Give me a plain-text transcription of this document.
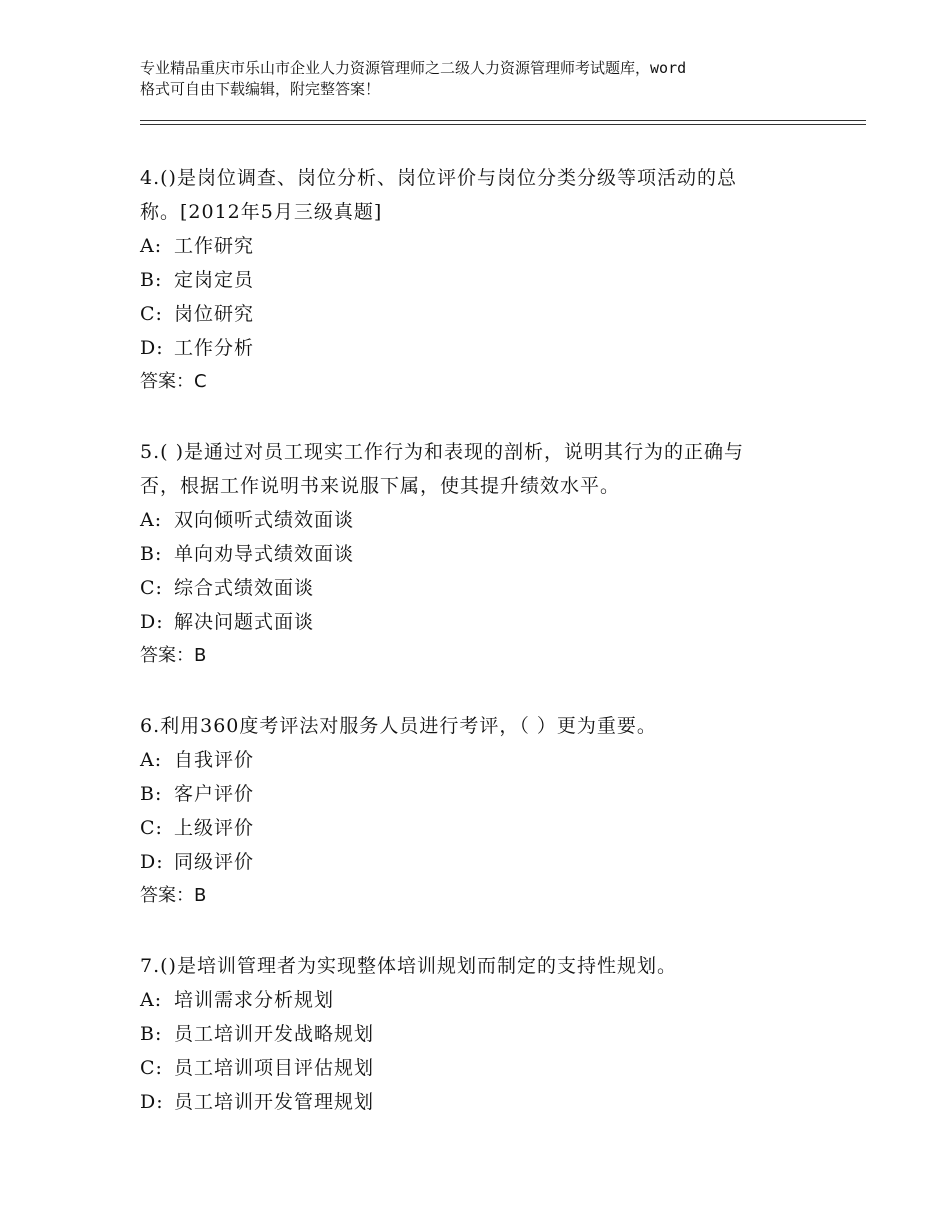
专业精品重庆市乐山市企业人力资源管理师之二级人力资源管理师考试题库，word
格式可自由下载编辑，附完整答案！

4.()是岗位调查、岗位分析、岗位评价与岗位分类分级等项活动的总

称。[2012年5月三级真题]

A: 工作研究

B: 定岗定员

C: 岗位研究

D: 工作分析

答案：C

5.( )是通过对员工现实工作行为和表现的剖析，说明其行为的正确与

否，根据工作说明书来说服下属，使其提升绩效水平。

A: 双向倾听式绩效面谈

B: 单向劝导式绩效面谈

C: 综合式绩效面谈

D: 解决问题式面谈

答案：B

6.利用360度考评法对服务人员进行考评，（ ）更为重要。

A: 自我评价

B: 客户评价

C: 上级评价

D: 同级评价

答案：B

7.()是培训管理者为实现整体培训规划而制定的支持性规划。

A: 培训需求分析规划

B: 员工培训开发战略规划

C: 员工培训项目评估规划

D: 员工培训开发管理规划
